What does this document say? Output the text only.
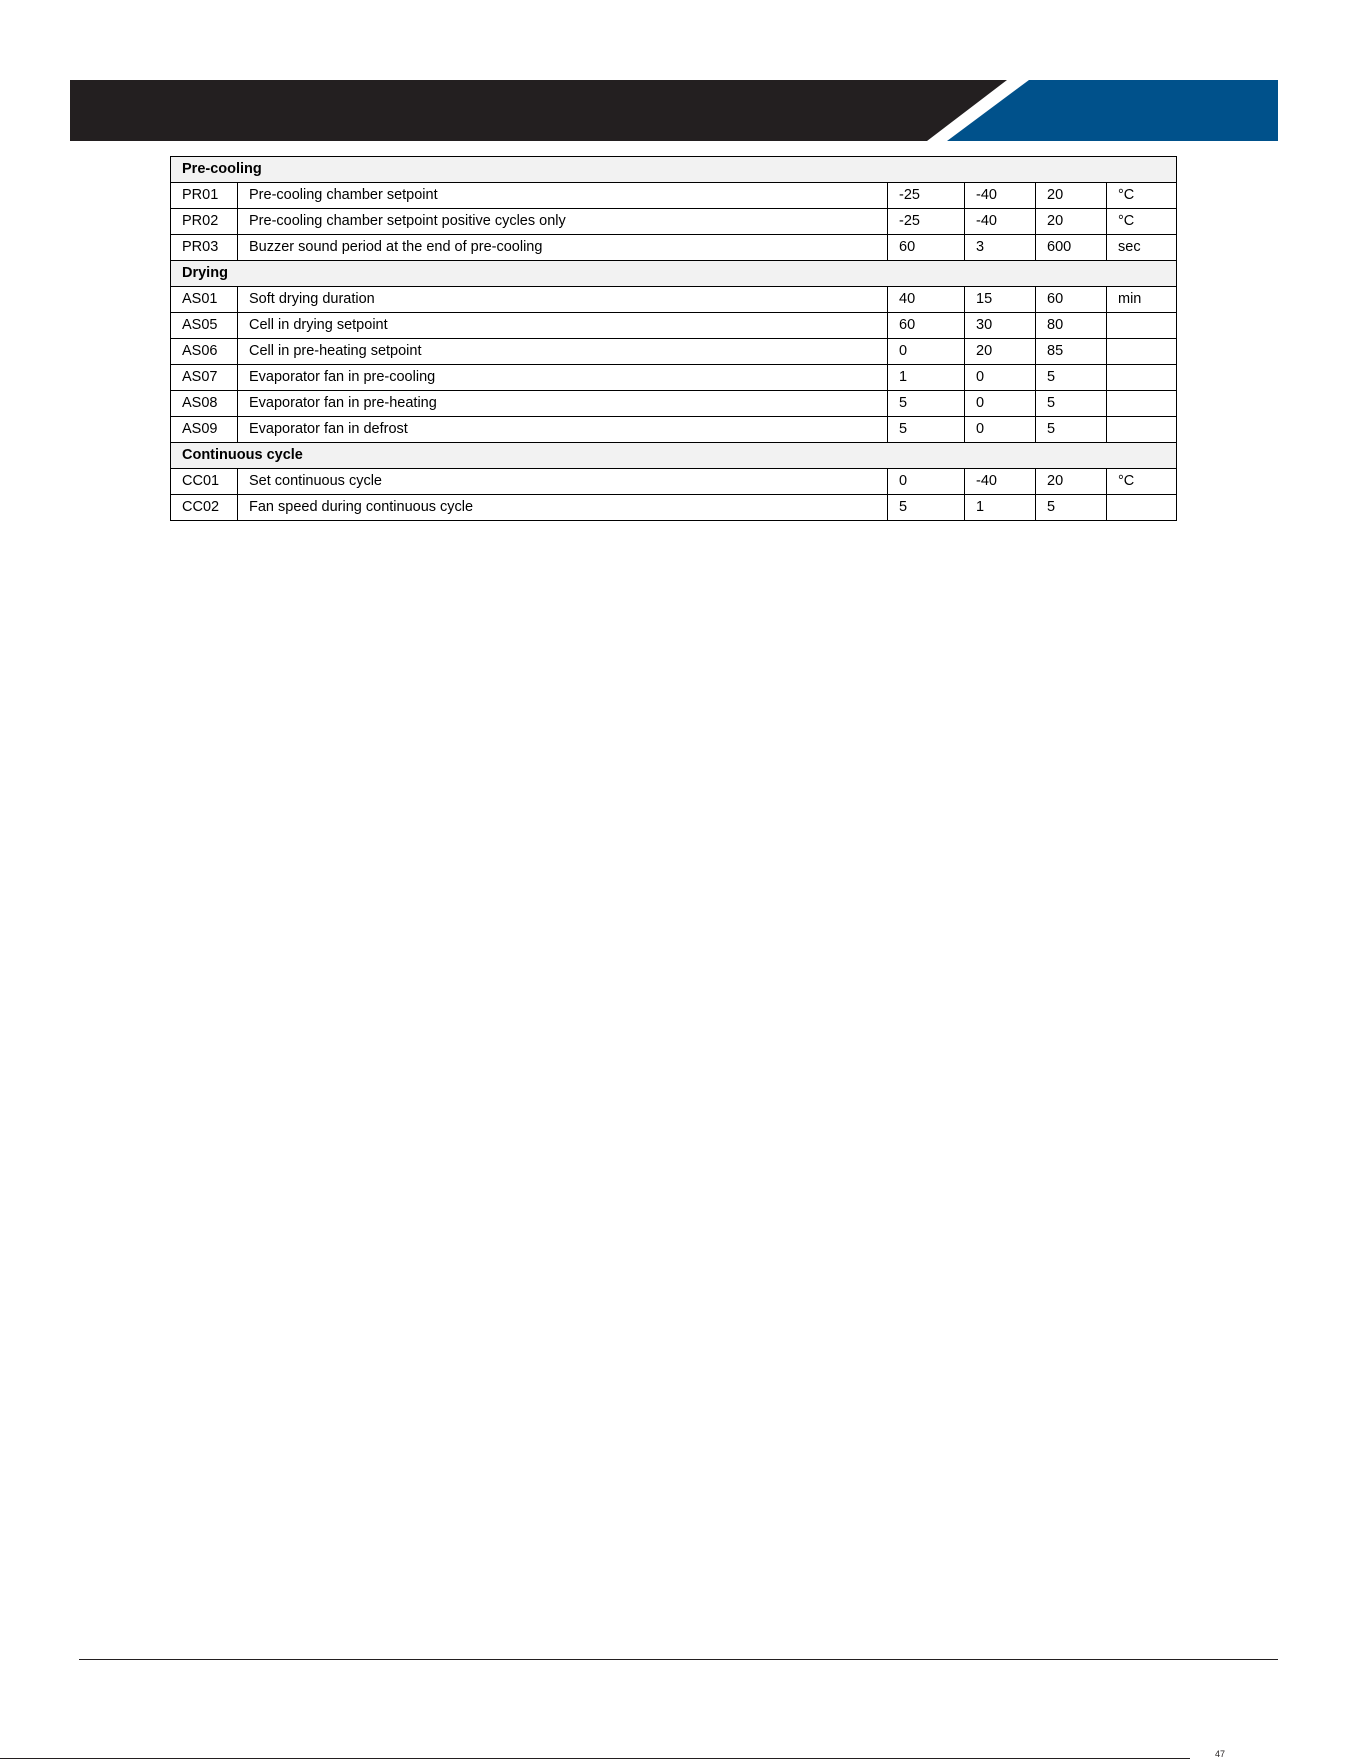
Pre-cooling					
PR01	Pre-cooling chamber setpoint	-25	-40	20	°C
PR02	Pre-cooling chamber setpoint positive cycles only	-25	-40	20	°C
PR03	Buzzer sound period at the end of pre-cooling	60	3	600	sec
Drying					
AS01	Soft drying duration	40	15	60	min
AS05	Cell in drying setpoint	60	30	80	
AS06	Cell in pre-heating setpoint	0	20	85	
AS07	Evaporator fan in pre-cooling	1	0	5	
AS08	Evaporator fan in pre-heating	5	0	5	
AS09	Evaporator fan in defrost	5	0	5	
Continuous cycle					
CC01	Set continuous cycle	0	-40	20	°C
CC02	Fan speed during continuous cycle	5	1	5	
47
